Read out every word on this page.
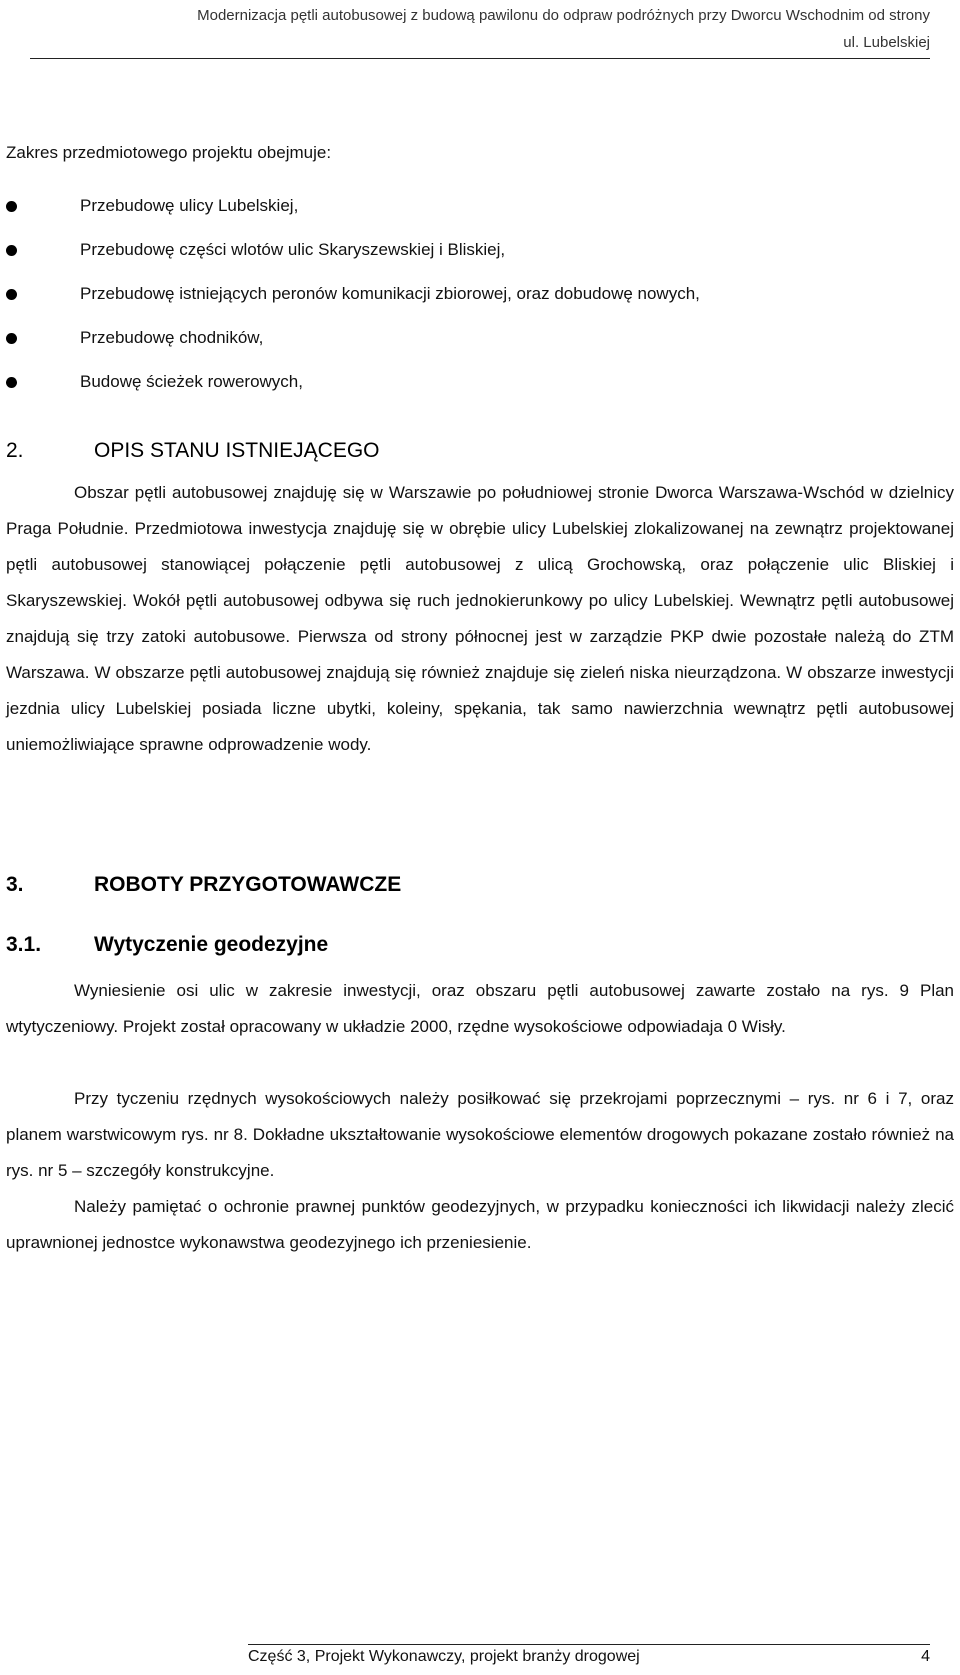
Modernizacja pętli autobusowej z budową pawilonu do odpraw podróżnych przy Dworcu Wschodnim od strony
ul. Lubelskiej
Zakres przedmiotowego projektu obejmuje:
Przebudowę ulicy Lubelskiej,
Przebudowę części wlotów ulic Skaryszewskiej i Bliskiej,
Przebudowę istniejących peronów komunikacji zbiorowej, oraz dobudowę nowych,
Przebudowę chodników,
Budowę ścieżek rowerowych,
2.	OPIS STANU ISTNIEJĄCEGO

Obszar pętli autobusowej znajduję się w Warszawie po południowej stronie Dworca Warszawa-Wschód w dzielnicy Praga Południe. Przedmiotowa inwestycja znajduję się w obrębie ulicy Lubelskiej zlokalizowanej na zewnątrz projektowanej pętli autobusowej stanowiącej połączenie pętli autobusowej z ulicą Grochowską, oraz połączenie ulic Bliskiej i Skaryszewskiej. Wokół pętli autobusowej odbywa się ruch jednokierunkowy po ulicy Lubelskiej. Wewnątrz pętli autobusowej znajdują się trzy zatoki autobusowe. Pierwsza od strony północnej jest w zarządzie PKP dwie pozostałe należą do ZTM Warszawa. W obszarze pętli autobusowej znajdują się również znajduje się zieleń niska nieurządzona. W obszarze inwestycji jezdnia ulicy Lubelskiej posiada liczne ubytki, koleiny, spękania, tak samo nawierzchnia wewnątrz pętli autobusowej uniemożliwiające sprawne odprowadzenie wody.

3.	ROBOTY PRZYGOTOWAWCZE
3.1.	Wytyczenie geodezyjne

Wyniesienie osi ulic w zakresie inwestycji, oraz obszaru pętli autobusowej zawarte zostało na rys. 9 Plan wtytyczeniowy. Projekt został opracowany w układzie 2000, rzędne wysokościowe odpowiadaja 0 Wisły.

Przy tyczeniu rzędnych wysokościowych należy posiłkować się przekrojami poprzecznymi – rys. nr 6 i 7, oraz planem warstwicowym rys. nr 8. Dokładne ukształtowanie wysokościowe elementów drogowych pokazane zostało również na rys. nr 5 – szczegóły konstrukcyjne.

Należy pamiętać o ochronie prawnej punktów geodezyjnych, w przypadku konieczności ich likwidacji należy zlecić uprawnionej jednostce wykonawstwa geodezyjnego ich przeniesienie.

Część 3, Projekt Wykonawczy, projekt branży drogowej	4
